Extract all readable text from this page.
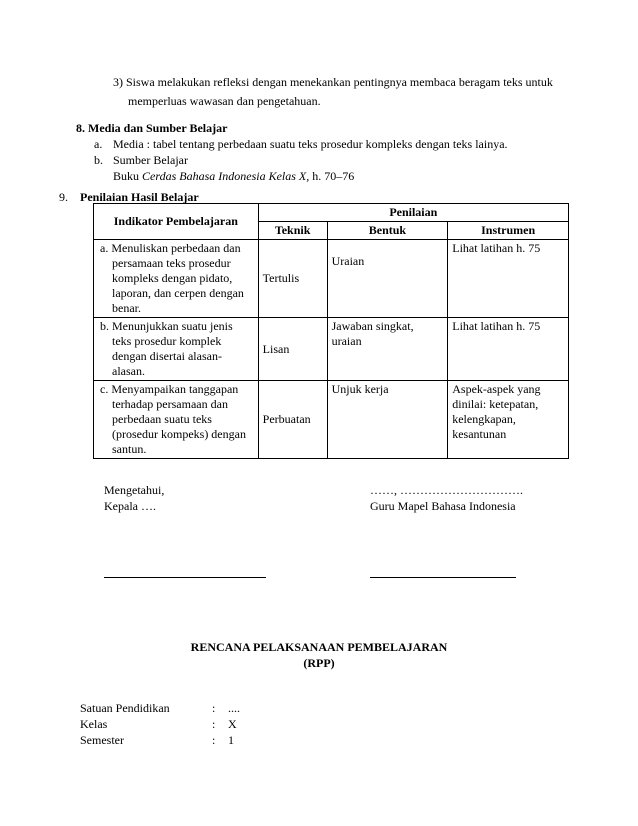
3) Siswa melakukan refleksi dengan menekankan pentingnya membaca beragam teks untuk
memperluas wawasan dan pengetahuan.
8. Media dan Sumber Belajar
a. Media : tabel tentang perbedaan suatu teks prosedur kompleks dengan teks lainya.
b. Sumber Belajar
Buku Cerdas Bahasa Indonesia Kelas X, h. 70–76
9. Penilaian Hasil Belajar
Indikator Pembelajaran	Penilaian		
	Teknik	Bentuk	Instrumen
a. Menuliskan perbedaan dan persamaan teks prosedur kompleks dengan pidato, laporan, dan cerpen dengan benar.	Tertulis	Uraian	Lihat latihan h. 75
b. Menunjukkan suatu jenis teks prosedur komplek dengan disertai alasan-alasan.	Lisan	Jawaban singkat, uraian	Lihat latihan h. 75
c. Menyampaikan tanggapan terhadap persamaan dan perbedaan suatu teks (prosedur kompeks) dengan santun.	Perbuatan	Unjuk kerja	Aspek-aspek yang dinilai: ketepatan, kelengkapan, kesantunan
Mengetahui,
Kepala ….
……, ………………………….
Guru Mapel Bahasa Indonesia
RENCANA PELAKSANAAN PEMBELAJARAN
(RPP)
Satuan Pendidikan	: ....
Kelas	: X
Semester	: 1
